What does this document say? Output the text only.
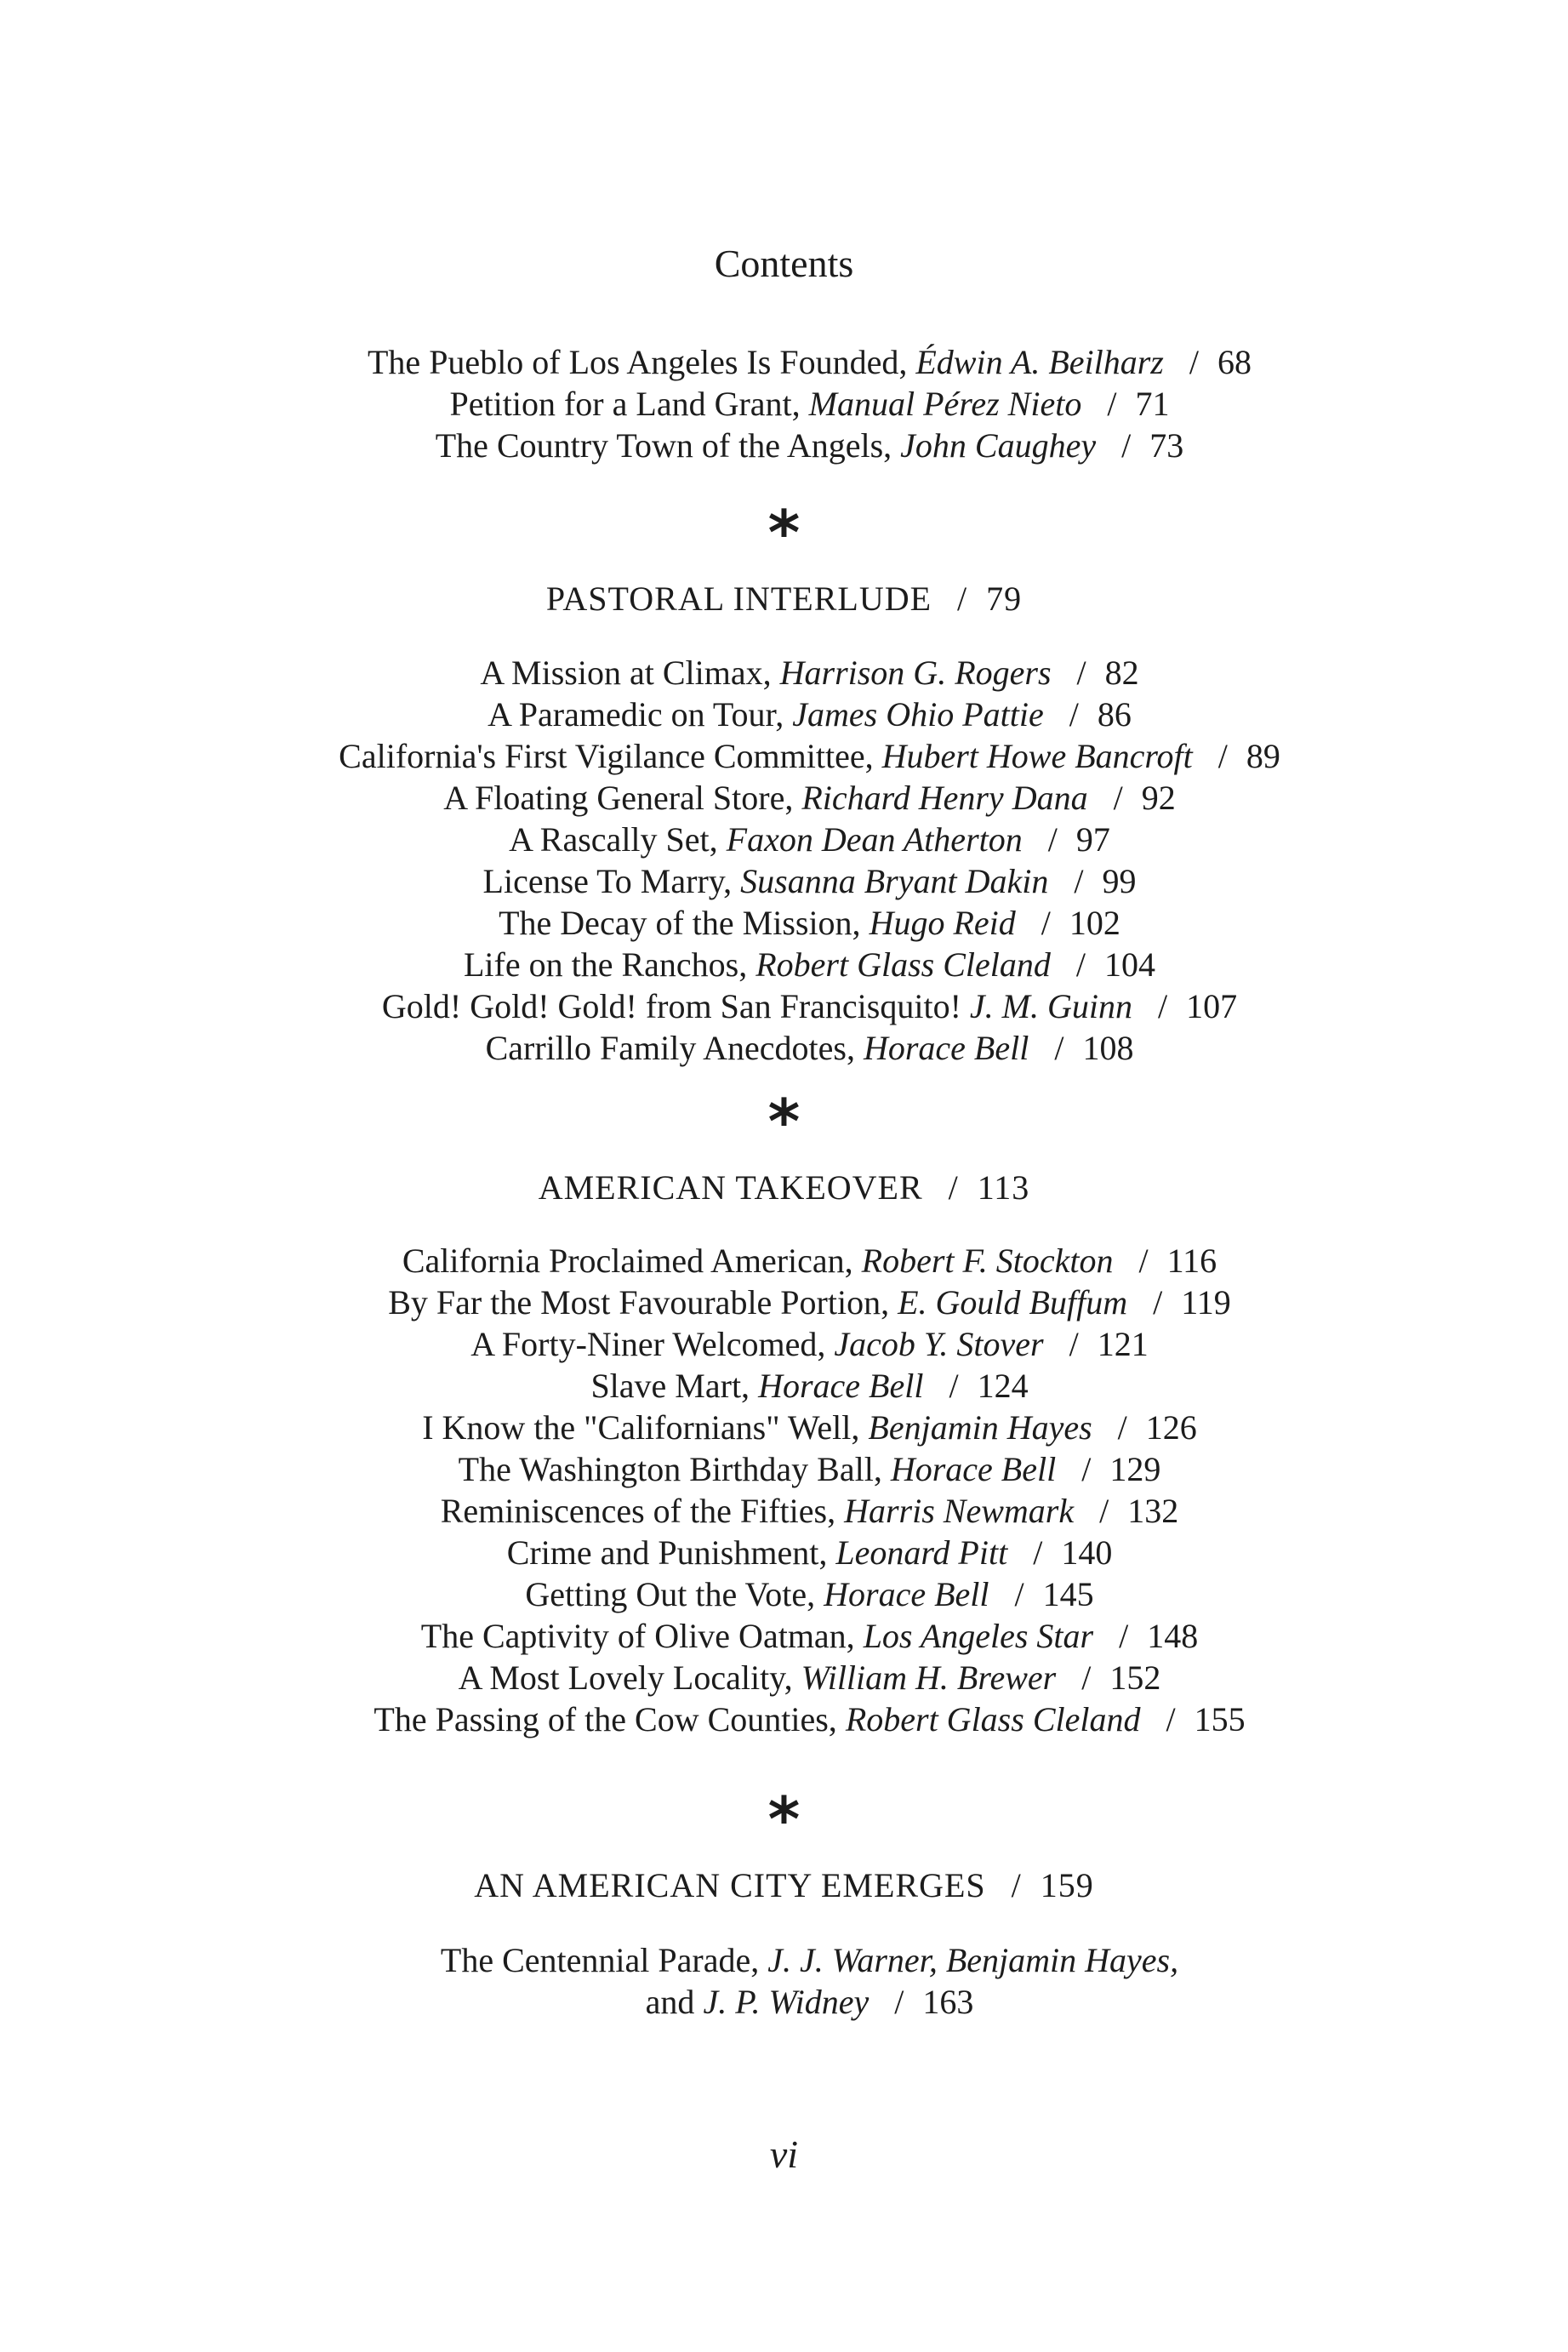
Contents
The Pueblo of Los Angeles Is Founded, Édwin A. Beilharz / 68
Petition for a Land Grant, Manual Pérez Nieto / 71
The Country Town of the Angels, John Caughey / 73
*
PASTORAL INTERLUDE / 79
A Mission at Climax, Harrison G. Rogers / 82
A Paramedic on Tour, James Ohio Pattie / 86
California's First Vigilance Committee, Hubert Howe Bancroft / 89
A Floating General Store, Richard Henry Dana / 92
A Rascally Set, Faxon Dean Atherton / 97
License To Marry, Susanna Bryant Dakin / 99
The Decay of the Mission, Hugo Reid / 102
Life on the Ranchos, Robert Glass Cleland / 104
Gold! Gold! Gold! from San Francisquito! J. M. Guinn / 107
Carrillo Family Anecdotes, Horace Bell / 108
*
AMERICAN TAKEOVER / 113
California Proclaimed American, Robert F. Stockton / 116
By Far the Most Favourable Portion, E. Gould Buffum / 119
A Forty-Niner Welcomed, Jacob Y. Stover / 121
Slave Mart, Horace Bell / 124
I Know the "Californians" Well, Benjamin Hayes / 126
The Washington Birthday Ball, Horace Bell / 129
Reminiscences of the Fifties, Harris Newmark / 132
Crime and Punishment, Leonard Pitt / 140
Getting Out the Vote, Horace Bell / 145
The Captivity of Olive Oatman, Los Angeles Star / 148
A Most Lovely Locality, William H. Brewer / 152
The Passing of the Cow Counties, Robert Glass Cleland / 155
*
AN AMERICAN CITY EMERGES / 159
The Centennial Parade, J. J. Warner, Benjamin Hayes,
and J. P. Widney / 163
vi
